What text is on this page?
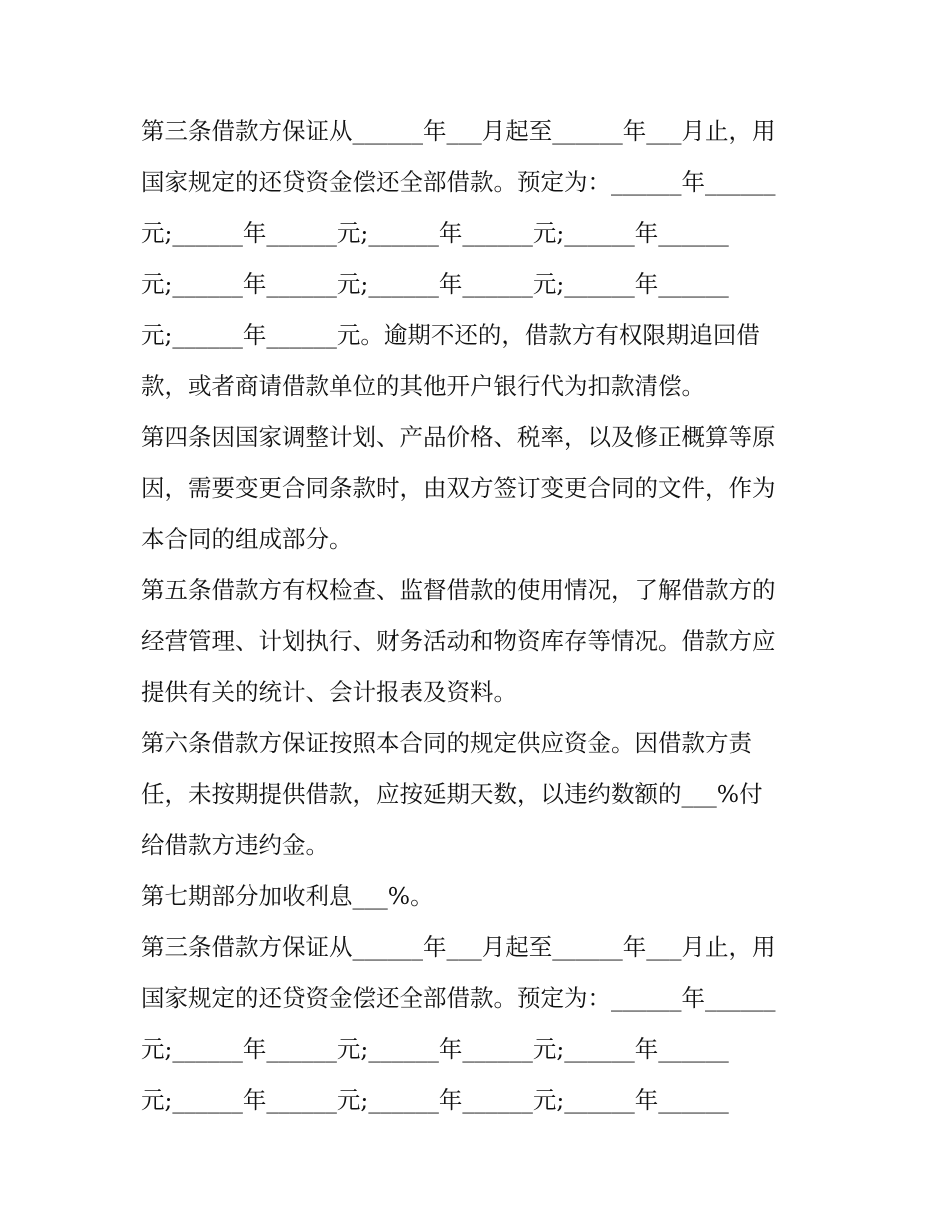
第三条借款方保证从______年___月起至______年___月止，用
国家规定的还贷资金偿还全部借款。预定为：______年______
元;______年______元;______年______元;______年______
元;______年______元;______年______元;______年______
元;______年______元。逾期不还的，借款方有权限期追回借
款，或者商请借款单位的其他开户银行代为扣款清偿。
第四条因国家调整计划、产品价格、税率，以及修正概算等原
因，需要变更合同条款时，由双方签订变更合同的文件，作为
本合同的组成部分。
第五条借款方有权检查、监督借款的使用情况，了解借款方的
经营管理、计划执行、财务活动和物资库存等情况。借款方应
提供有关的统计、会计报表及资料。
第六条借款方保证按照本合同的规定供应资金。因借款方责
任，未按期提供借款，应按延期天数，以违约数额的___%付
给借款方违约金。
第七期部分加收利息___%。
第三条借款方保证从______年___月起至______年___月止，用
国家规定的还贷资金偿还全部借款。预定为：______年______
元;______年______元;______年______元;______年______
元;______年______元;______年______元;______年______
